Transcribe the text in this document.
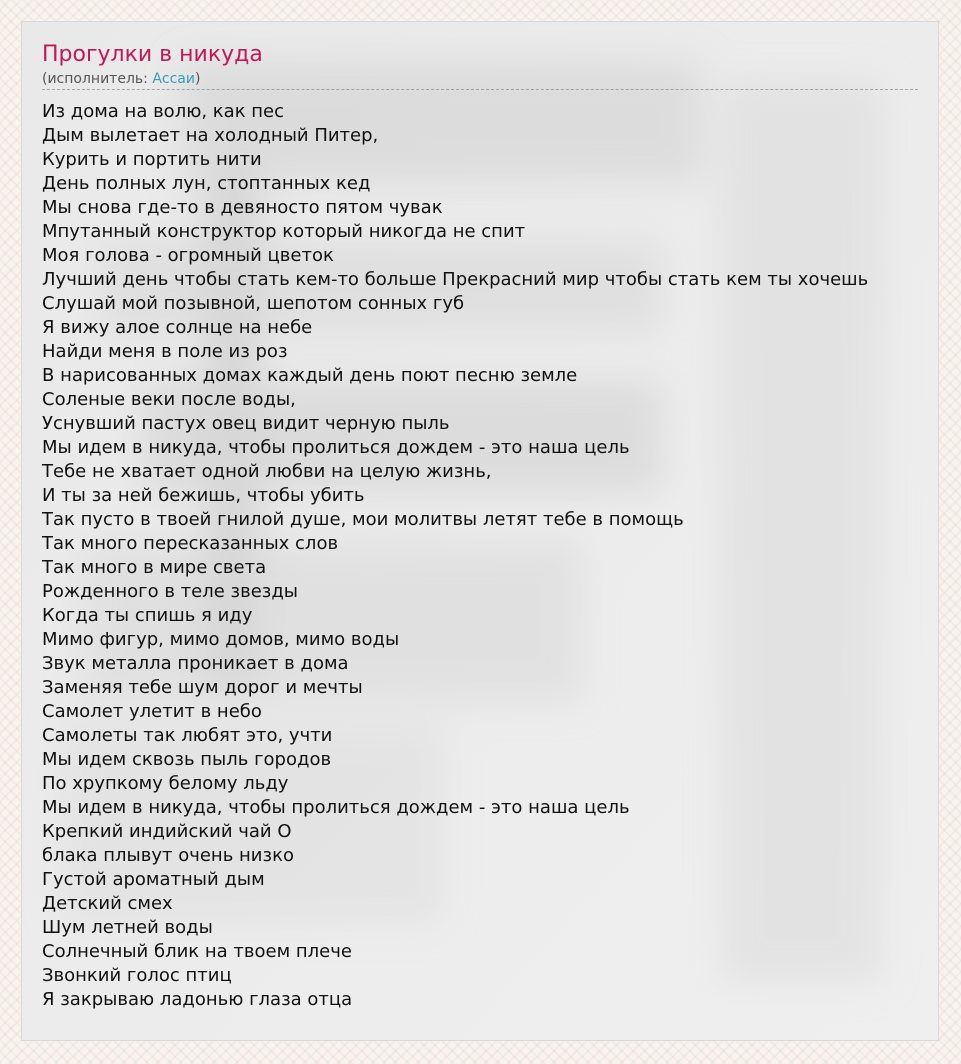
Прогулки в никуда
(исполнитель: Ассаи)
Из дома на волю, как пес
Дым вылетает на холодный Питер,
Курить и портить нити
День полных лун, стоптанных кед
Мы снова где-то в девяносто пятом чувак
Мпутанный конструктор который никогда не спит
Моя голова - огромный цветок
Лучший день чтобы стать кем-то больше Прекрасний мир чтобы стать кем ты хочешь
Слушай мой позывной, шепотом сонных губ
Я вижу алое солнце на небе
Найди меня в поле из роз
В нарисованных домах каждый день поют песню земле
Соленые веки после воды,
Уснувший пастух овец видит черную пыль
Мы идем в никуда, чтобы пролиться дождем - это наша цель
Тебе не хватает одной любви на целую жизнь,
И ты за ней бежишь, чтобы убить
Так пусто в твоей гнилой душе, мои молитвы летят тебе в помощь
Так много пересказанных слов
Так много в мире света
Рожденного в теле звезды
Когда ты спишь я иду
Мимо фигур, мимо домов, мимо воды
Звук металла проникает в дома
Заменяя тебе шум дорог и мечты
Самолет улетит в небо
Самолеты так любят это, учти
Мы идем сквозь пыль городов
По хрупкому белому льду
Мы идем в никуда, чтобы пролиться дождем - это наша цель
Крепкий индийский чай О
блака плывут очень низко
Густой ароматный дым
Детский смех
Шум летней воды
Солнечный блик на твоем плече
Звонкий голос птиц
Я закрываю ладонью глаза отца
